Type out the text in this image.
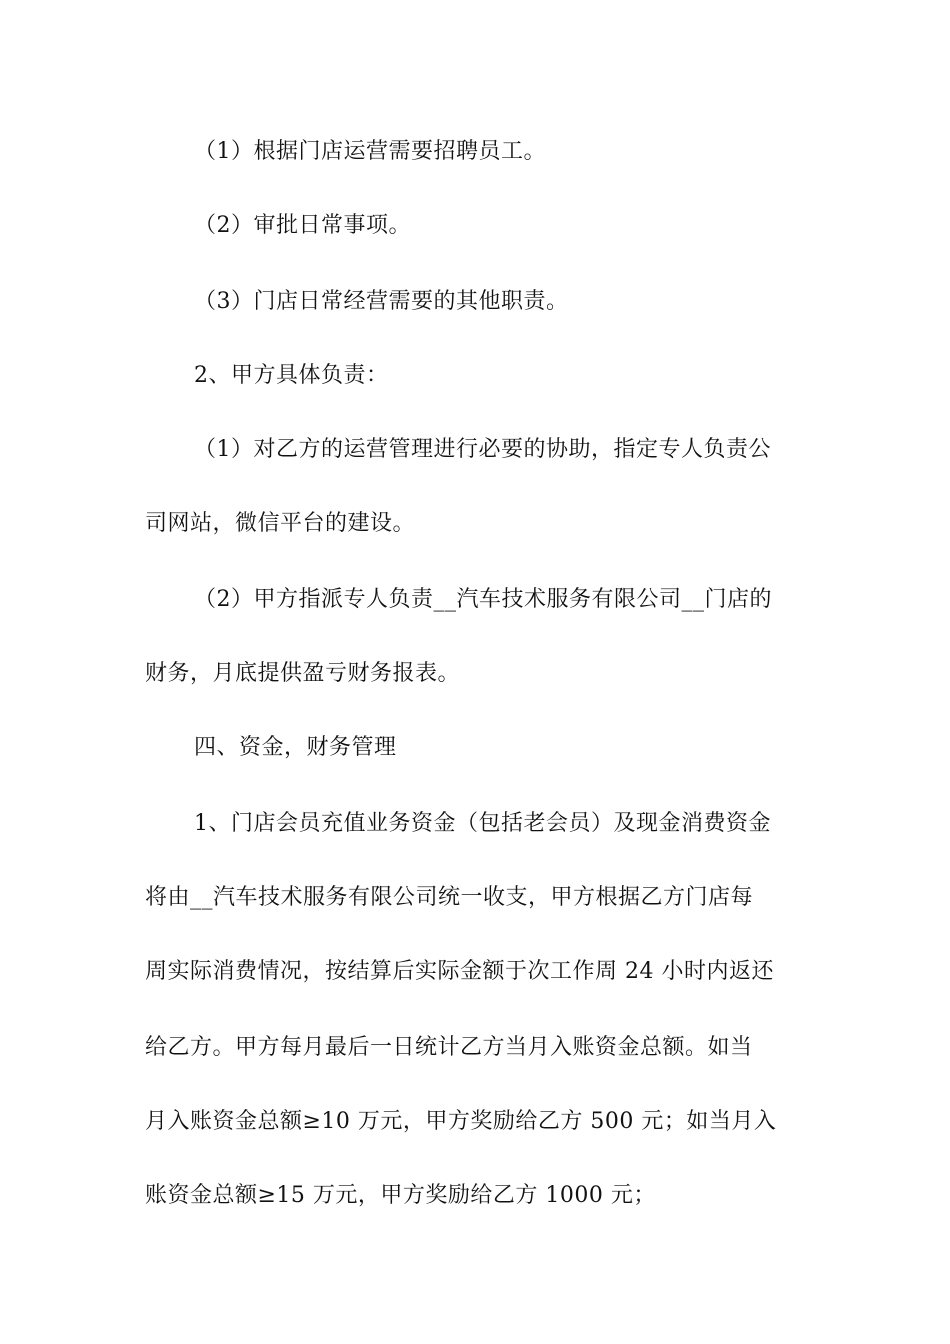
（1）根据门店运营需要招聘员工。
（2）审批日常事项。
（3）门店日常经营需要的其他职责。
2、甲方具体负责：
（1）对乙方的运营管理进行必要的协助，指定专人负责公
司网站，微信平台的建设。
（2）甲方指派专人负责__汽车技术服务有限公司__门店的
财务，月底提供盈亏财务报表。
四、资金，财务管理
1、门店会员充值业务资金（包括老会员）及现金消费资金
将由__汽车技术服务有限公司统一收支，甲方根据乙方门店每
周实际消费情况，按结算后实际金额于次工作周 24 小时内返还
给乙方。甲方每月最后一日统计乙方当月入账资金总额。如当
月入账资金总额≥10 万元，甲方奖励给乙方 500 元；如当月入
账资金总额≥15 万元，甲方奖励给乙方 1000 元；
